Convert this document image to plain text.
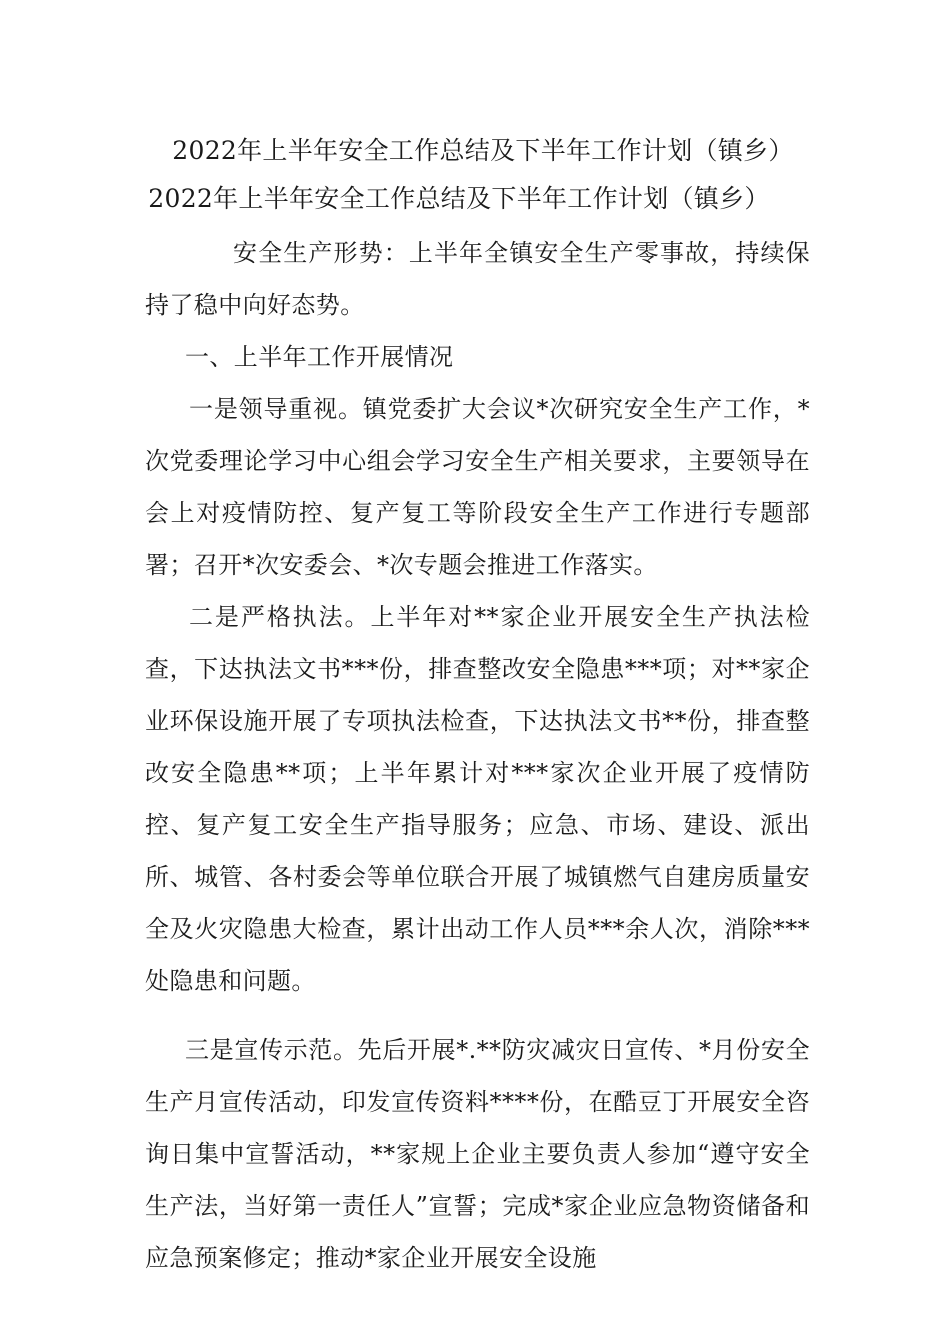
2022年上半年安全工作总结及下半年工作计划（镇乡）
2022年上半年安全工作总结及下半年工作计划（镇乡）
安全生产形势：上半年全镇安全生产零事故，持续保持了稳中向好态势。
一、上半年工作开展情况
一是领导重视。镇党委扩大会议*次研究安全生产工作，*次党委理论学习中心组会学习安全生产相关要求，主要领导在会上对疫情防控、复产复工等阶段安全生产工作进行专题部署；召开*次安委会、*次专题会推进工作落实。
二是严格执法。上半年对**家企业开展安全生产执法检查，下达执法文书***份，排查整改安全隐患***项；对**家企业环保设施开展了专项执法检查，下达执法文书**份，排查整改安全隐患**项；上半年累计对***家次企业开展了疫情防控、复产复工安全生产指导服务；应急、市场、建设、派出所、城管、各村委会等单位联合开展了城镇燃气自建房质量安全及火灾隐患大检查，累计出动工作人员***余人次，消除***处隐患和问题。
三是宣传示范。先后开展*.**防灾减灾日宣传、*月份安全生产月宣传活动，印发宣传资料****份，在酷豆丁开展安全咨询日集中宣誓活动，**家规上企业主要负责人参加“遵守安全生产法，当好第一责任人”宣誓；完成*家企业应急物资储备和应急预案修定；推动*家企业开展安全设施
